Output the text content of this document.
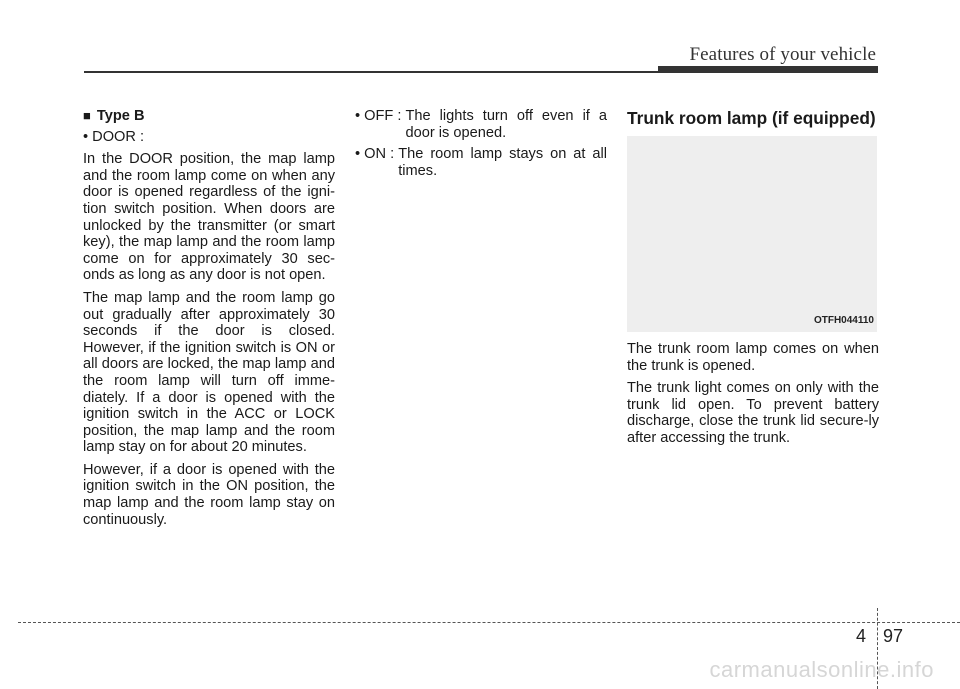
Features of your vehicle
■ Type B
• DOOR :

In the DOOR position, the map lamp and the room lamp come on when any door is opened regardless of the igni-tion switch position. When doors are unlocked by the transmitter (or smart key), the map lamp and the room lamp come on for approximately 30 sec-onds as long as any door is not open.

The map lamp and the room lamp go out gradually after approximately 30 seconds if the door is closed. However, if the ignition switch is ON or all doors are locked, the map lamp and the room lamp will turn off imme-diately. If a door is opened with the ignition switch in the ACC or LOCK position, the map lamp and the room lamp stay on for about 20 minutes.

However, if a door is opened with the ignition switch in the ON position, the map lamp and the room lamp stay on continuously.

• OFF : The lights turn off even if a door is opened.
• ON : The room lamp stays on at all times.
Trunk room lamp (if equipped)
OTFH044110

The trunk room lamp comes on when the trunk is opened.

The trunk light comes on only with the trunk lid open. To prevent battery discharge, close the trunk lid secure-ly after accessing the trunk.

4 97
carmanualsonline.info
